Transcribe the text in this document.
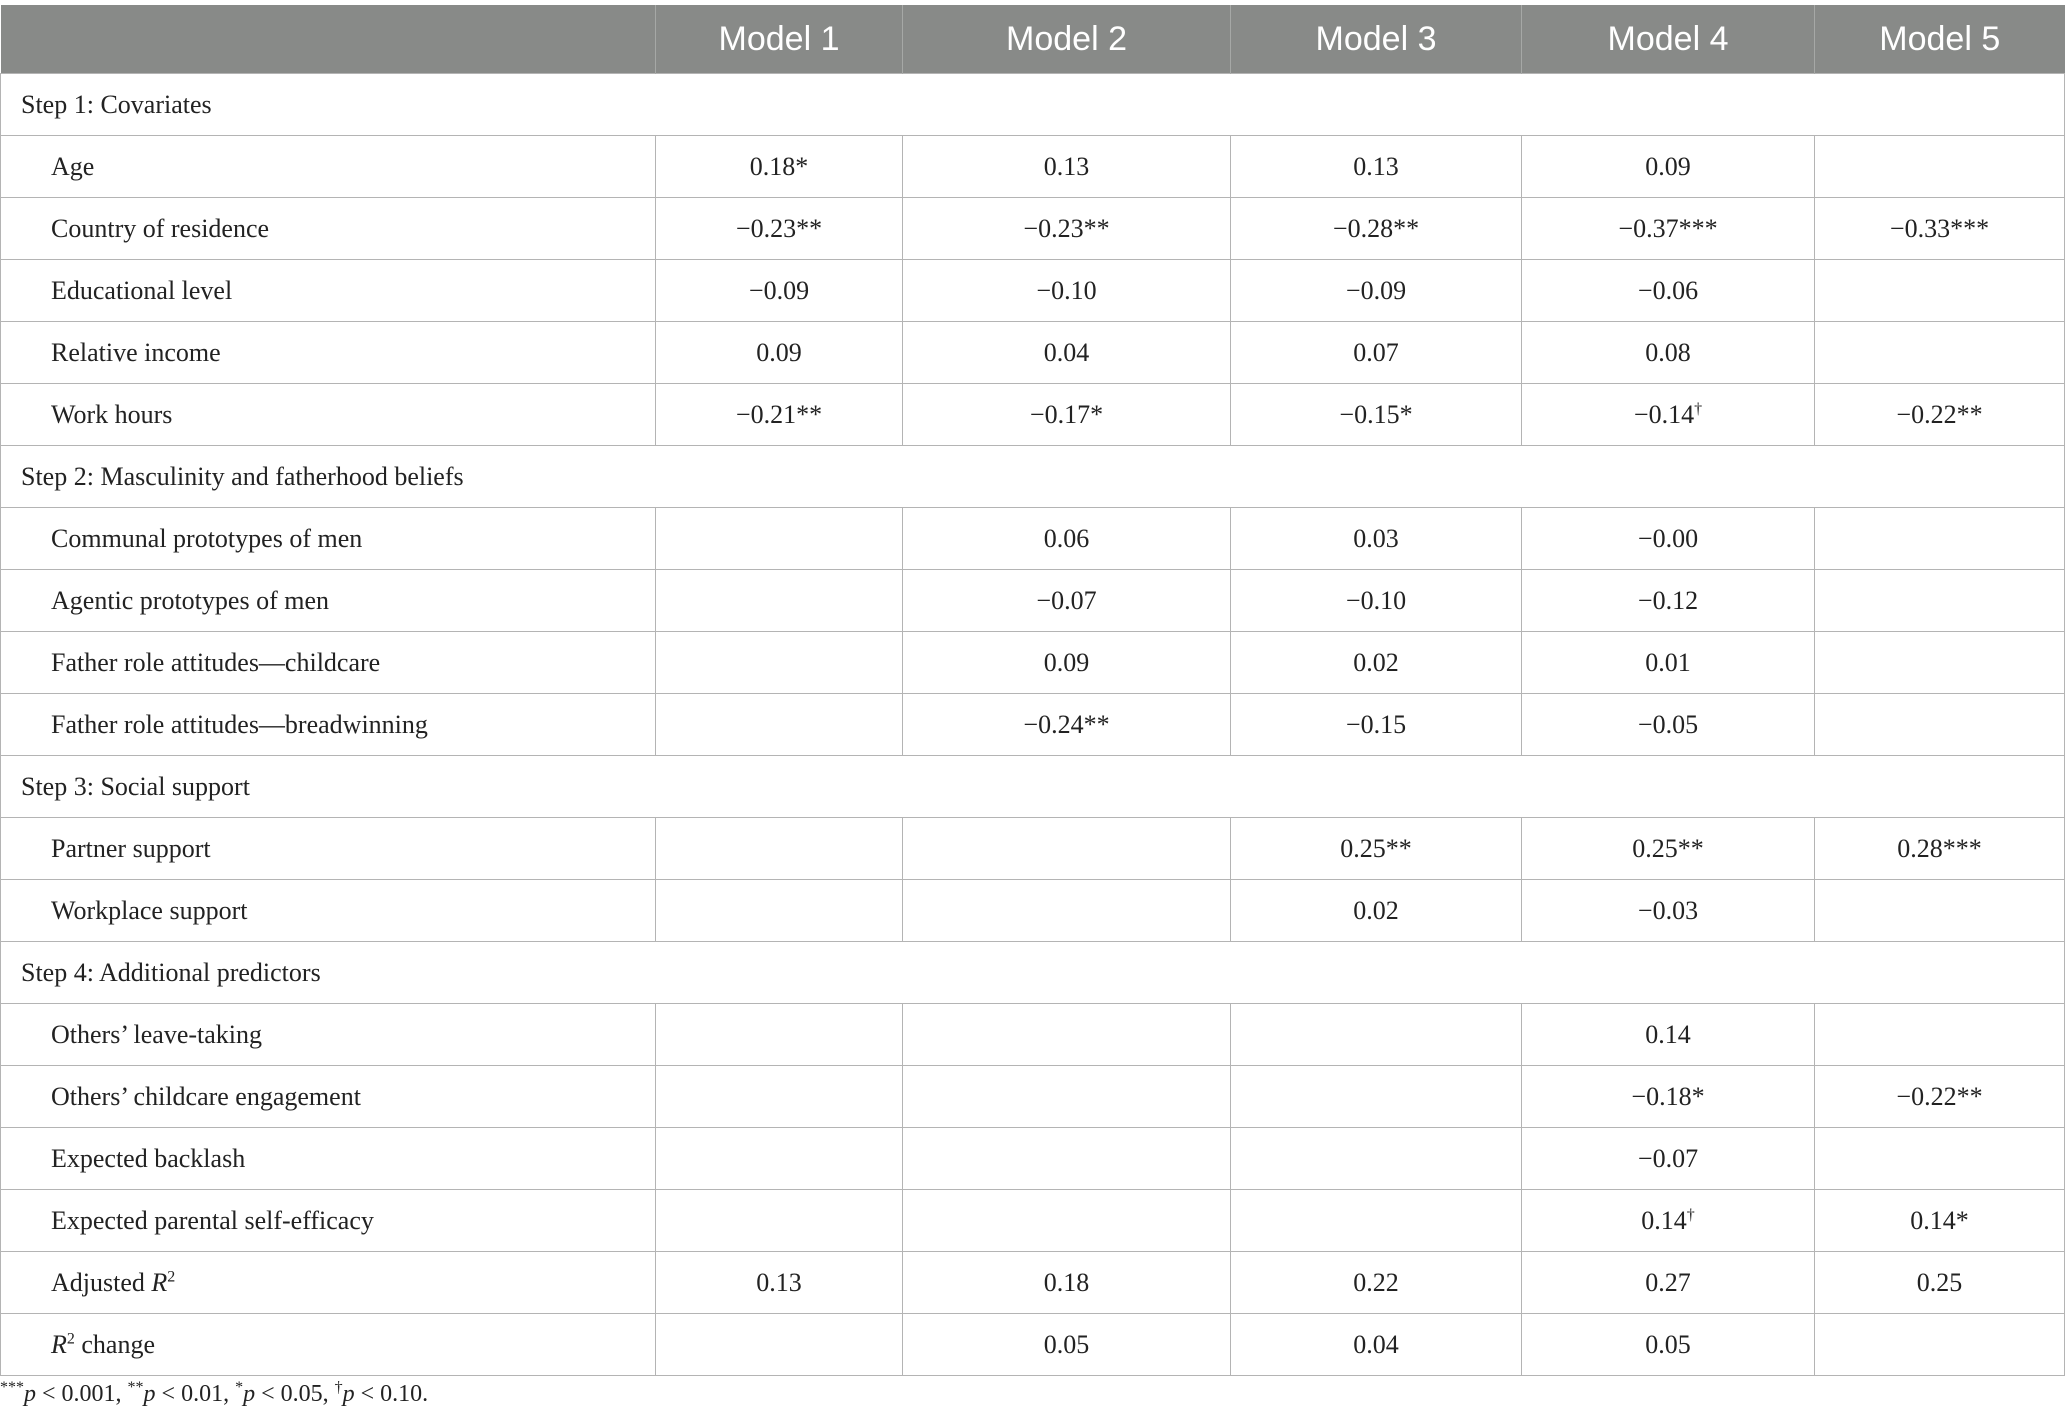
	Model 1	Model 2	Model 3	Model 4	Model 5
Step 1: Covariates					
Age	0.18*	0.13	0.13	0.09	
Country of residence	−0.23**	−0.23**	−0.28**	−0.37***	−0.33***
Educational level	−0.09	−0.10	−0.09	−0.06	
Relative income	0.09	0.04	0.07	0.08	
Work hours	−0.21**	−0.17*	−0.15*	−0.14†	−0.22**
Step 2: Masculinity and fatherhood beliefs					
Communal prototypes of men		0.06	0.03	−0.00	
Agentic prototypes of men		−0.07	−0.10	−0.12	
Father role attitudes—childcare		0.09	0.02	0.01	
Father role attitudes—breadwinning		−0.24**	−0.15	−0.05	
Step 3: Social support					
Partner support			0.25**	0.25**	0.28***
Workplace support			0.02	−0.03	
Step 4: Additional predictors					
Others’ leave-taking				0.14	
Others’ childcare engagement				−0.18*	−0.22**
Expected backlash				−0.07	
Expected parental self-efficacy				0.14†	0.14*
Adjusted $R^2$	0.13	0.18	0.22	0.27	0.25
$R^2$ change		0.05	0.04	0.05	
***p < 0.001, **p < 0.01, *p < 0.05, †p < 0.10.
